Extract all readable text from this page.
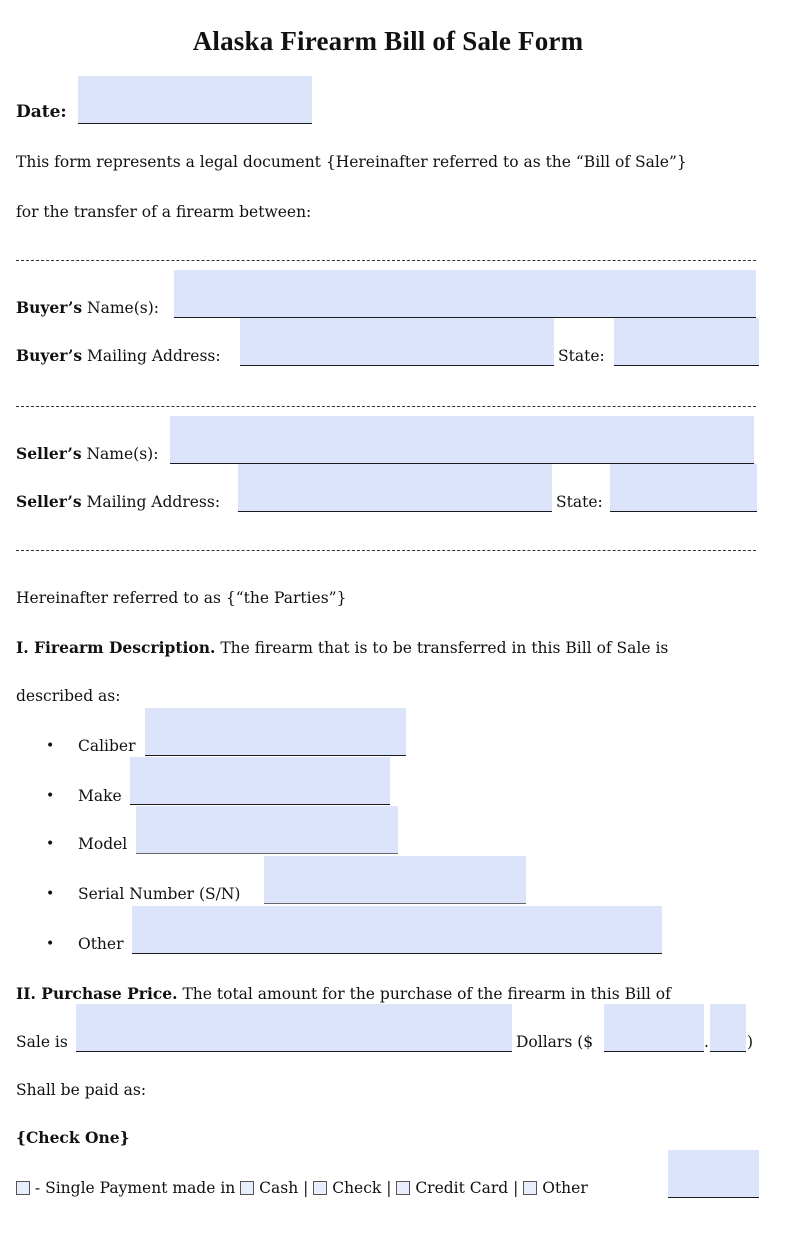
Alaska Firearm Bill of Sale Form
Date:
This form represents a legal document {Hereinafter referred to as the “Bill of Sale”}
for the transfer of a firearm between:
Buyer’s Name(s):
Buyer’s Mailing Address:	State:
Seller’s Name(s):
Seller’s Mailing Address:	State:
Hereinafter referred to as {“the Parties”}
I. Firearm Description. The firearm that is to be transferred in this Bill of Sale is
described as:
• Caliber
• Make
• Model
• Serial Number (S/N)
• Other
II. Purchase Price. The total amount for the purchase of the firearm in this Bill of
Sale is	Dollars ($	. )
Shall be paid as:
{Check One}
- Single Payment made in  Cash |  Check |  Credit Card |  Other
